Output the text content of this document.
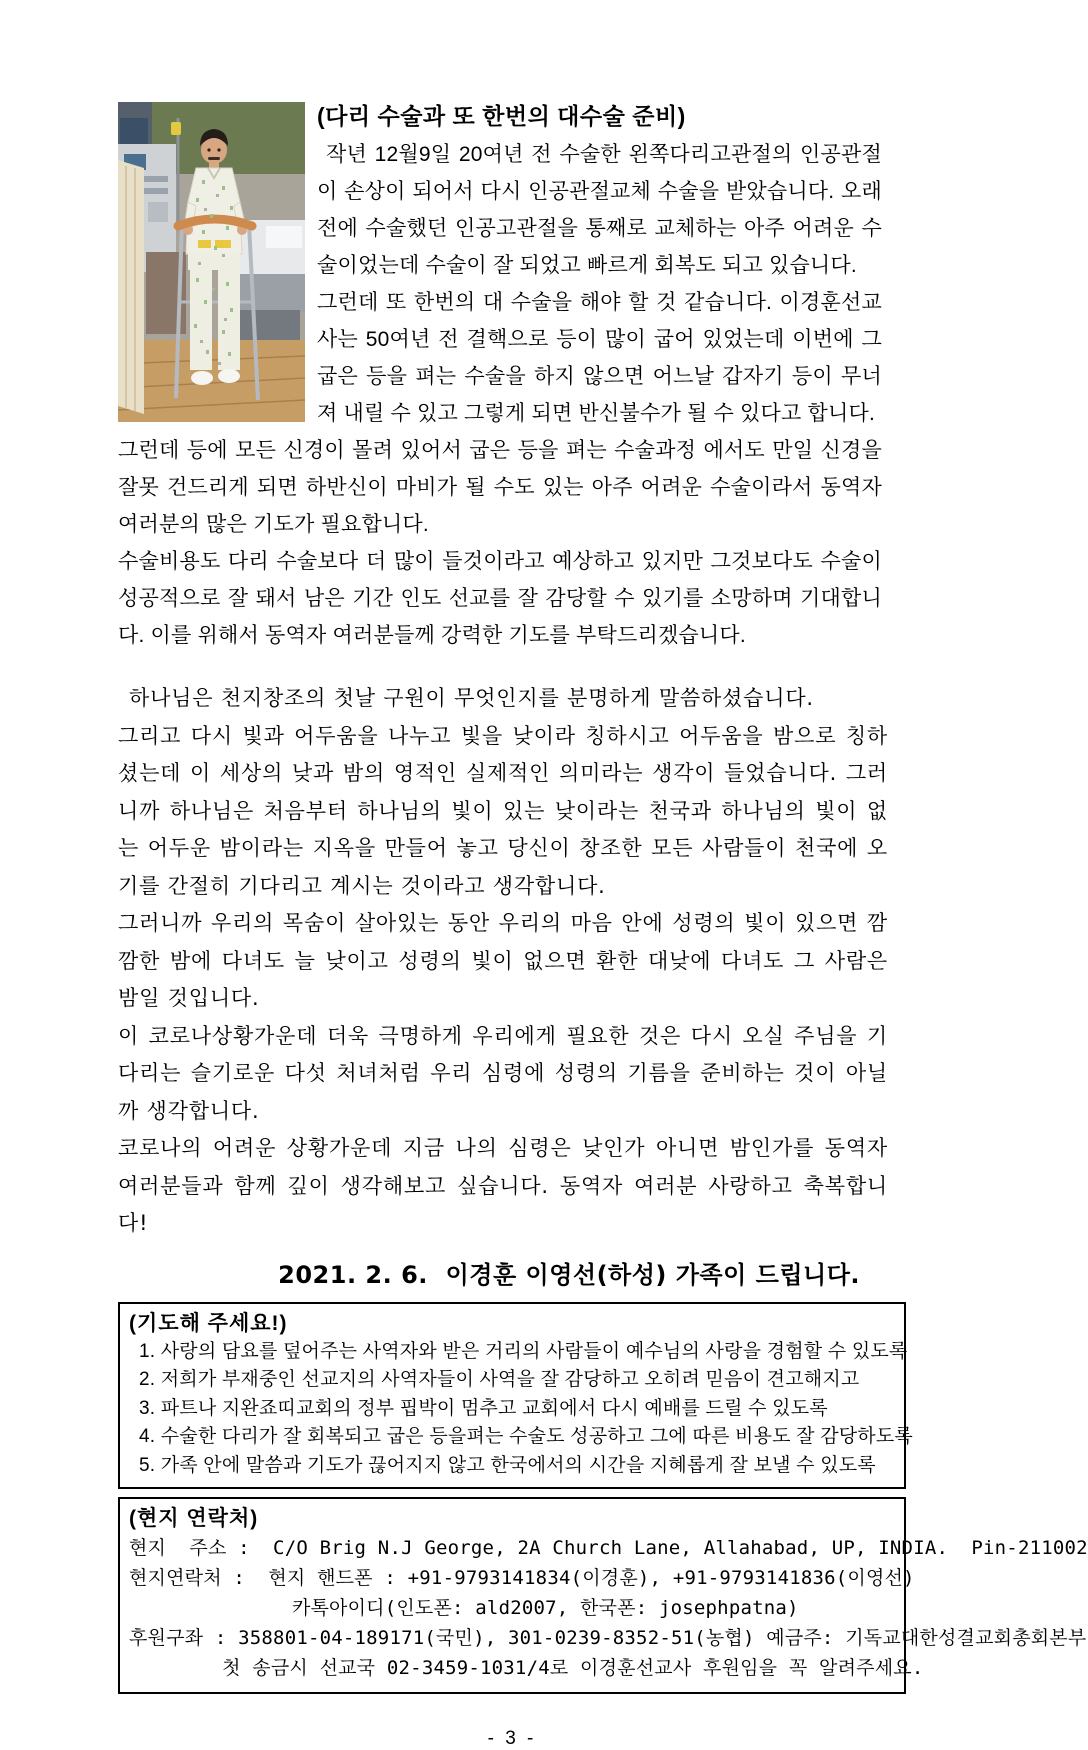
(다리 수술과 또 한번의 대수술 준비)

작년 12월9일 20여년 전 수술한 왼쪽다리고관절의 인공관절이 손상이 되어서 다시 인공관절교체 수술을 받았습니다. 오래전에 수술했던 인공고관절을 통째로 교체하는 아주 어려운 수술이었는데 수술이 잘 되었고 빠르게 회복도 되고 있습니다.

그런데 또 한번의 대 수술을 해야 할 것 같습니다. 이경훈선교사는 50여년 전 결핵으로 등이 많이 굽어 있었는데 이번에 그 굽은 등을 펴는 수술을 하지 않으면 어느날 갑자기 등이 무너져 내릴 수 있고 그렇게 되면 반신불수가 될 수 있다고 합니다.

그런데 등에 모든 신경이 몰려 있어서 굽은 등을 펴는 수술과정 에서도 만일 신경을 잘못 건드리게 되면 하반신이 마비가 될 수도 있는 아주 어려운 수술이라서 동역자 여러분의 많은 기도가 필요합니다.

수술비용도 다리 수술보다 더 많이 들것이라고 예상하고 있지만 그것보다도 수술이 성공적으로 잘 돼서 남은 기간 인도 선교를 잘 감당할 수 있기를 소망하며 기대합니다. 이를 위해서 동역자 여러분들께 강력한 기도를 부탁드리겠습니다.

하나님은 천지창조의 첫날 구원이 무엇인지를 분명하게 말씀하셨습니다.

그리고 다시 빛과 어두움을 나누고 빛을 낮이라 칭하시고 어두움을 밤으로 칭하셨는데 이 세상의 낮과 밤의 영적인 실제적인 의미라는 생각이 들었습니다. 그러니까 하나님은 처음부터 하나님의 빛이 있는 낮이라는 천국과 하나님의 빛이 없는 어두운 밤이라는 지옥을 만들어 놓고 당신이 창조한 모든 사람들이 천국에 오기를 간절히 기다리고 계시는 것이라고 생각합니다.

그러니까 우리의 목숨이 살아있는 동안 우리의 마음 안에 성령의 빛이 있으면 깜깜한 밤에 다녀도 늘 낮이고 성령의 빛이 없으면 환한 대낮에 다녀도 그 사람은 밤일 것입니다.

이 코로나상황가운데 더욱 극명하게 우리에게 필요한 것은 다시 오실 주님을 기다리는 슬기로운 다섯 처녀처럼 우리 심령에 성령의 기름을 준비하는 것이 아닐까 생각합니다.

코로나의 어려운 상황가운데 지금 나의 심령은 낮인가 아니면 밤인가를 동역자 여러분들과 함께 깊이 생각해보고 싶습니다. 동역자 여러분 사랑하고 축복합니다!

2021. 2. 6.  이경훈 이영선(하성) 가족이 드립니다.
(기도해 주세요!)
1. 사랑의 담요를 덮어주는 사역자와 받은 거리의 사람들이 예수님의 사랑을 경험할 수 있도록
2. 저희가 부재중인 선교지의 사역자들이 사역을 잘 감당하고 오히려 믿음이 견고해지고
3. 파트나 지완죠띠교회의 정부 핍박이 멈추고 교회에서 다시 예배를 드릴 수 있도록
4. 수술한 다리가 잘 회복되고 굽은 등을펴는 수술도 성공하고 그에 따른 비용도 잘 감당하도록
5. 가족 안에 말씀과 기도가 끊어지지 않고 한국에서의 시간을 지혜롭게 잘 보낼 수 있도록
(현지 연락처)
현지  주소 :  C/O Brig N.J George, 2A Church Lane, Allahabad, UP, INDIA.  Pin-211002
현지연락처 :  현지 핸드폰 : +91-9793141834(이경훈), +91-9793141836(이영선)
카톡아이디(인도폰: ald2007, 한국폰: josephpatna)
후원구좌 : 358801-04-189171(국민), 301-0239-8352-51(농협) 예금주: 기독교대한성결교회총회본부
첫 송금시 선교국 02-3459-1031/4로 이경훈선교사 후원임을 꼭 알려주세요.
- 3 -
